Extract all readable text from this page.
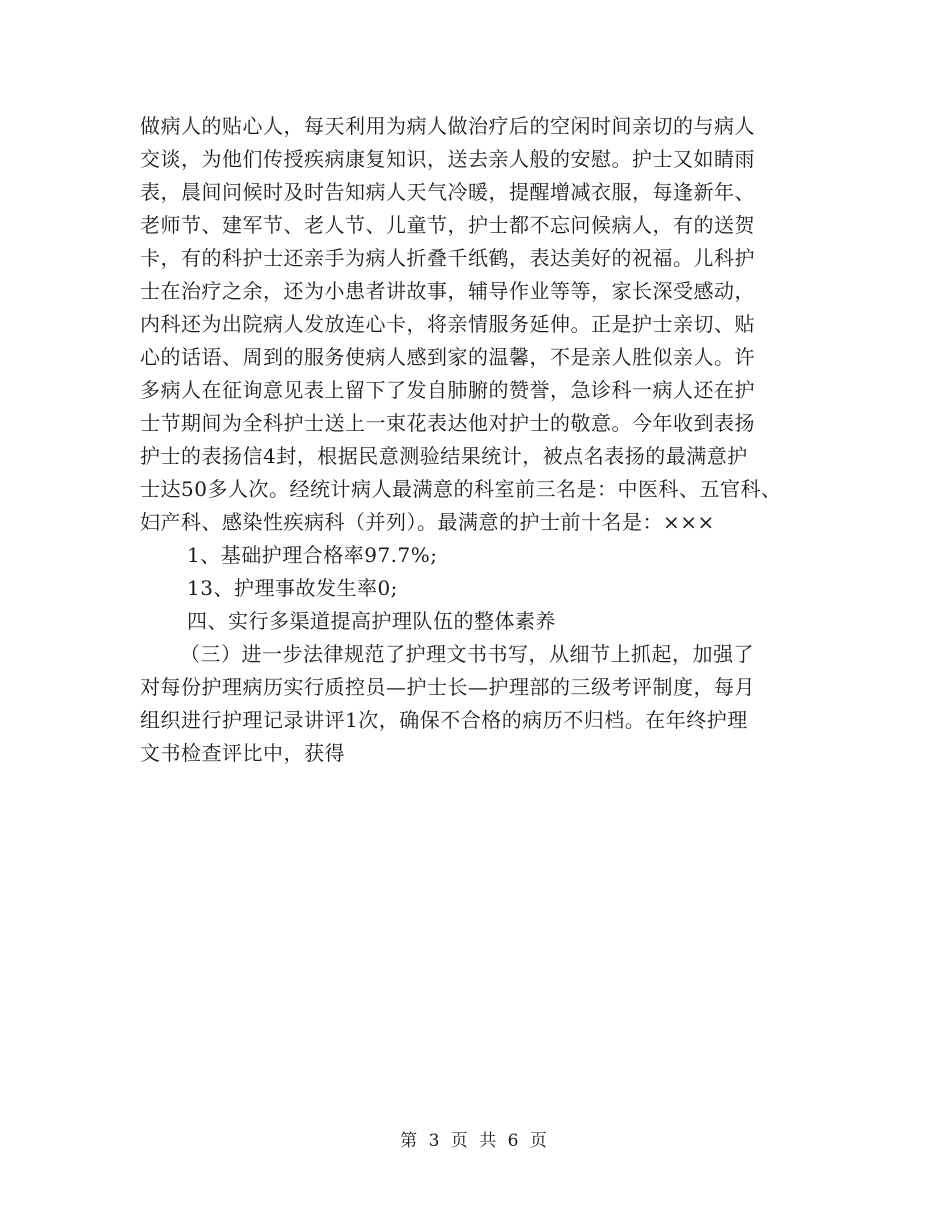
做病人的贴心人，每天利用为病人做治疗后的空闲时间亲切的与病人
交谈，为他们传授疾病康复知识，送去亲人般的安慰。护士又如睛雨
表，晨间问候时及时告知病人天气冷暖，提醒增减衣服，每逢新年、
老师节、建军节、老人节、儿童节，护士都不忘问候病人，有的送贺
卡，有的科护士还亲手为病人折叠千纸鹤，表达美好的祝福。儿科护
士在治疗之余，还为小患者讲故事，辅导作业等等，家长深受感动，
内科还为出院病人发放连心卡，将亲情服务延伸。正是护士亲切、贴
心的话语、周到的服务使病人感到家的温馨，不是亲人胜似亲人。许
多病人在征询意见表上留下了发自肺腑的赞誉，急诊科一病人还在护
士节期间为全科护士送上一束花表达他对护士的敬意。今年收到表扬
护士的表扬信4封，根据民意测验结果统计，被点名表扬的最满意护
士达50多人次。经统计病人最满意的科室前三名是：中医科、五官科、
妇产科、感染性疾病科（并列）。最满意的护士前十名是：×××
1、基础护理合格率97.7%;
13、护理事故发生率0;
四、实行多渠道提高护理队伍的整体素养
（三）进一步法律规范了护理文书书写，从细节上抓起，加强了
对每份护理病历实行质控员—护士长—护理部的三级考评制度，每月
组织进行护理记录讲评1次，确保不合格的病历不归档。在年终护理
文书检查评比中，获得
第 3 页 共 6 页
